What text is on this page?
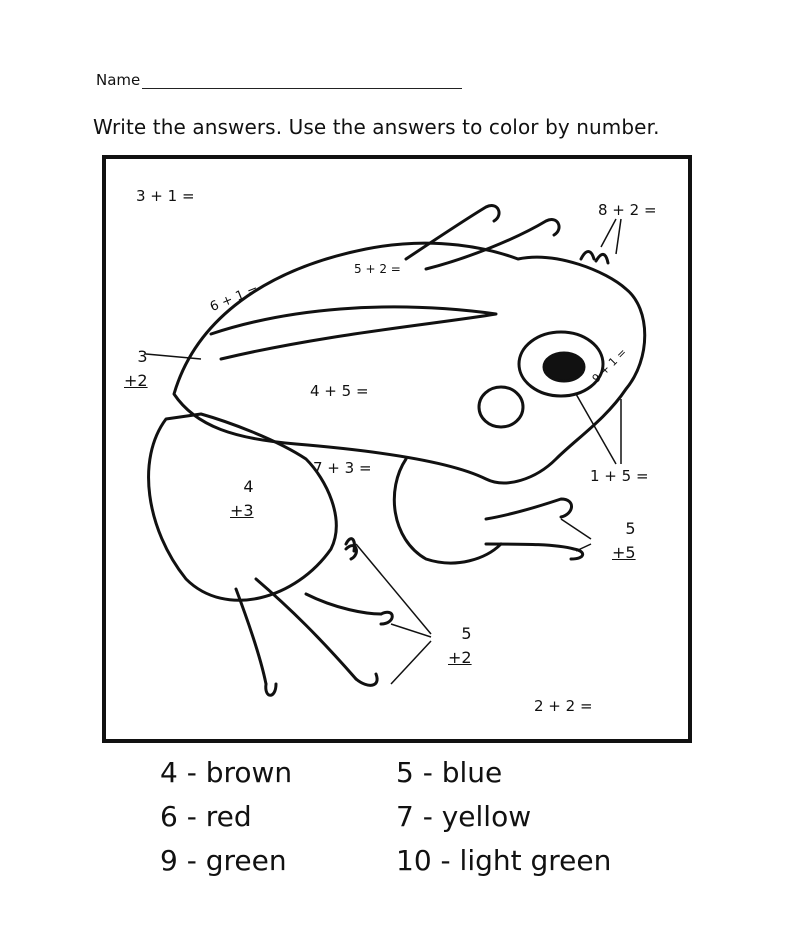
Name
Write the answers. Use the answers to color by number.
3 + 1 =
8 + 2 =
5 + 2 =
6 + 1 =
9 + 1 =
4 + 5 =
7 + 3 =	1 + 5 =
2 + 2 =
3
+2
4
+3
5
+5
5
+2
4 - brown	5 - blue
6 - red	7 - yellow
9 - green	10 - light green
